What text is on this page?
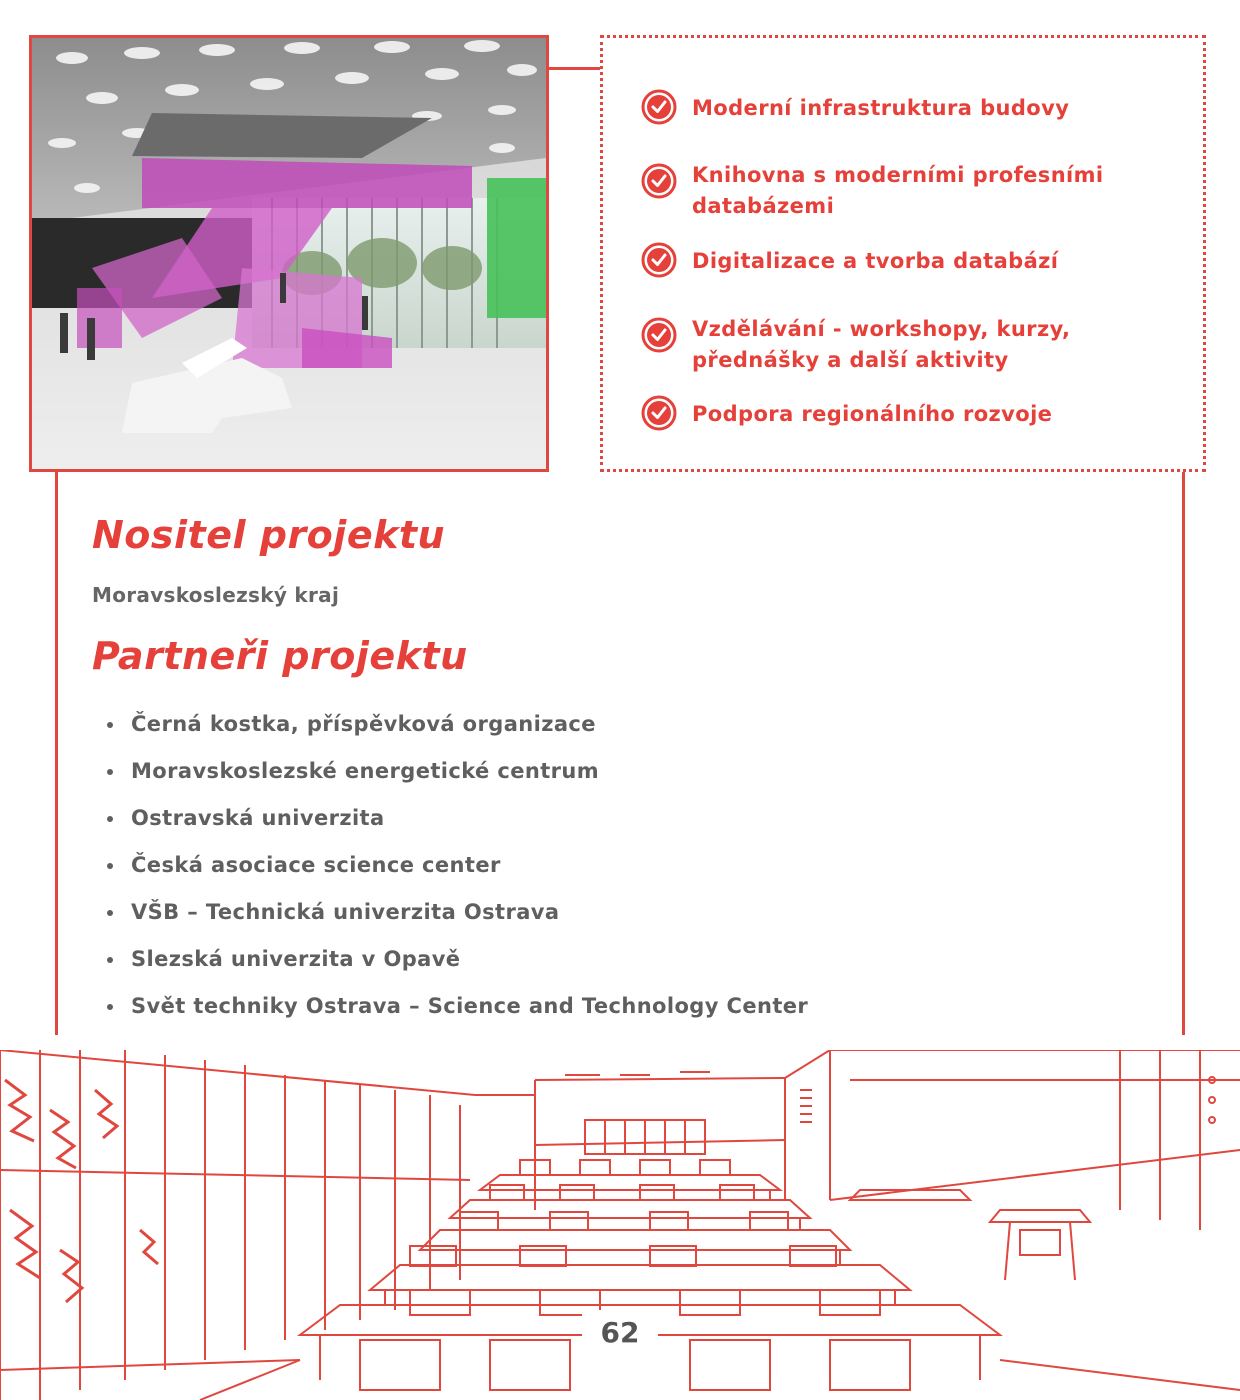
Moderní infrastruktura budovy
Knihovna s moderními profesními databázemi
Digitalizace a tvorba databází
Vzdělávání - workshopy, kurzy, přednášky a další aktivity
Podpora regionálního rozvoje
Nositel projektu
Moravskoslezský kraj
Partneři projektu
Černá kostka, příspěvková organizace
Moravskoslezské energetické centrum
Ostravská univerzita
Česká asociace science center
VŠB – Technická univerzita Ostrava
Slezská univerzita v Opavě
Svět techniky Ostrava – Science and Technology Center
62
